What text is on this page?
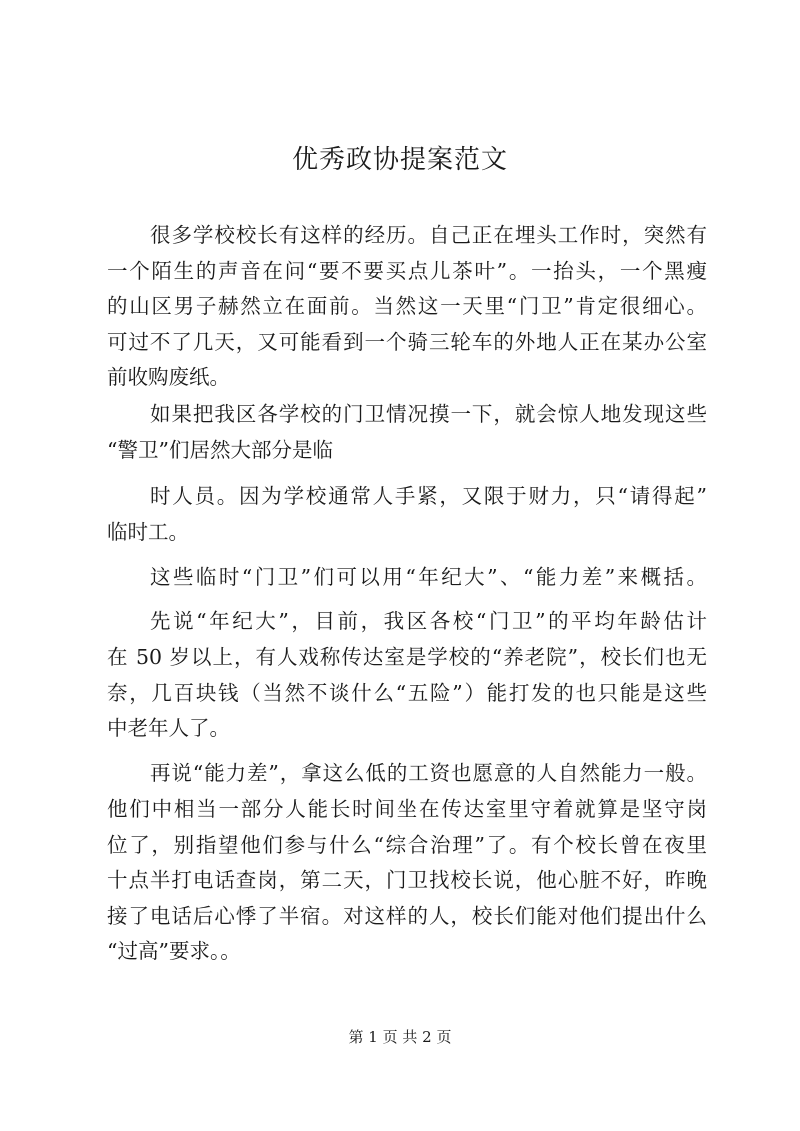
优秀政协提案范文

很多学校校长有这样的经历。自己正在埋头工作时，突然有

一个陌生的声音在问“要不要买点儿茶叶”。一抬头，一个黑瘦

的山区男子赫然立在面前。当然这一天里“门卫”肯定很细心。

可过不了几天，又可能看到一个骑三轮车的外地人正在某办公室

前收购废纸。

如果把我区各学校的门卫情况摸一下，就会惊人地发现这些

“警卫”们居然大部分是临

时人员。因为学校通常人手紧，又限于财力，只“请得起”

临时工。

这些临时“门卫”们可以用“年纪大”、“能力差”来概括。

先说“年纪大”，目前，我区各校“门卫”的平均年龄估计

在 50 岁以上，有人戏称传达室是学校的“养老院”，校长们也无

奈，几百块钱（当然不谈什么“五险”）能打发的也只能是这些

中老年人了。

再说“能力差”，拿这么低的工资也愿意的人自然能力一般。

他们中相当一部分人能长时间坐在传达室里守着就算是坚守岗

位了，别指望他们参与什么“综合治理”了。有个校长曾在夜里

十点半打电话查岗，第二天，门卫找校长说，他心脏不好，昨晚

接了电话后心悸了半宿。对这样的人，校长们能对他们提出什么

“过高”要求。。

第 1 页 共 2 页
